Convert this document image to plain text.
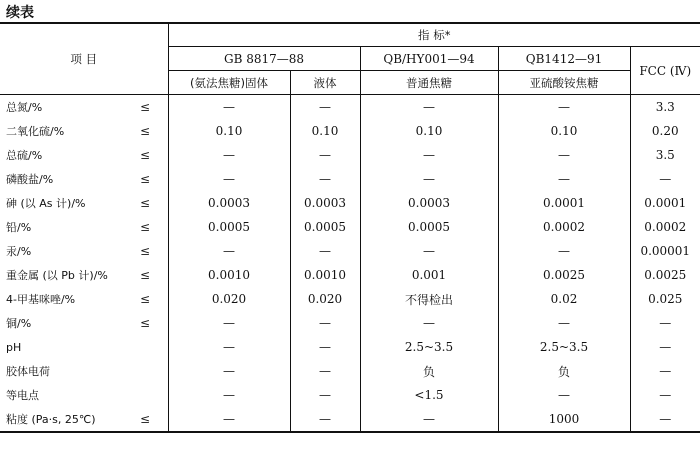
续表
项 目		指 标*				
		GB 8817—88		QB/HY001—94	QB1412—91	FCC (Ⅳ)
		(氨法焦糖)固体	液体	普通焦糖	亚硫酸铵焦糖	
总氮/%	≤	—	—	—	—	3.3
二氧化硫/%	≤	0.10	0.10	0.10	0.10	0.20
总硫/%	≤	—	—	—	—	3.5
磷酸盐/%	≤	—	—	—	—	—
砷 (以 As 计)/%	≤	0.0003	0.0003	0.0003	0.0001	0.0001
铅/%	≤	0.0005	0.0005	0.0005	0.0002	0.0002
汞/%	≤	—	—	—	—	0.00001
重金属 (以 Pb 计)/%	≤	0.0010	0.0010	0.001	0.0025	0.0025
4-甲基咪唑/%	≤	0.020	0.020	不得检出	0.02	0.025
铜/%	≤	—	—	—	—	—
pH		—	—	2.5~3.5	2.5~3.5	—
胶体电荷		—	—	负	负	—
等电点		—	—	<1.5	—	—
粘度 (Pa·s, 25℃)	≤	—	—	—	1000	—
